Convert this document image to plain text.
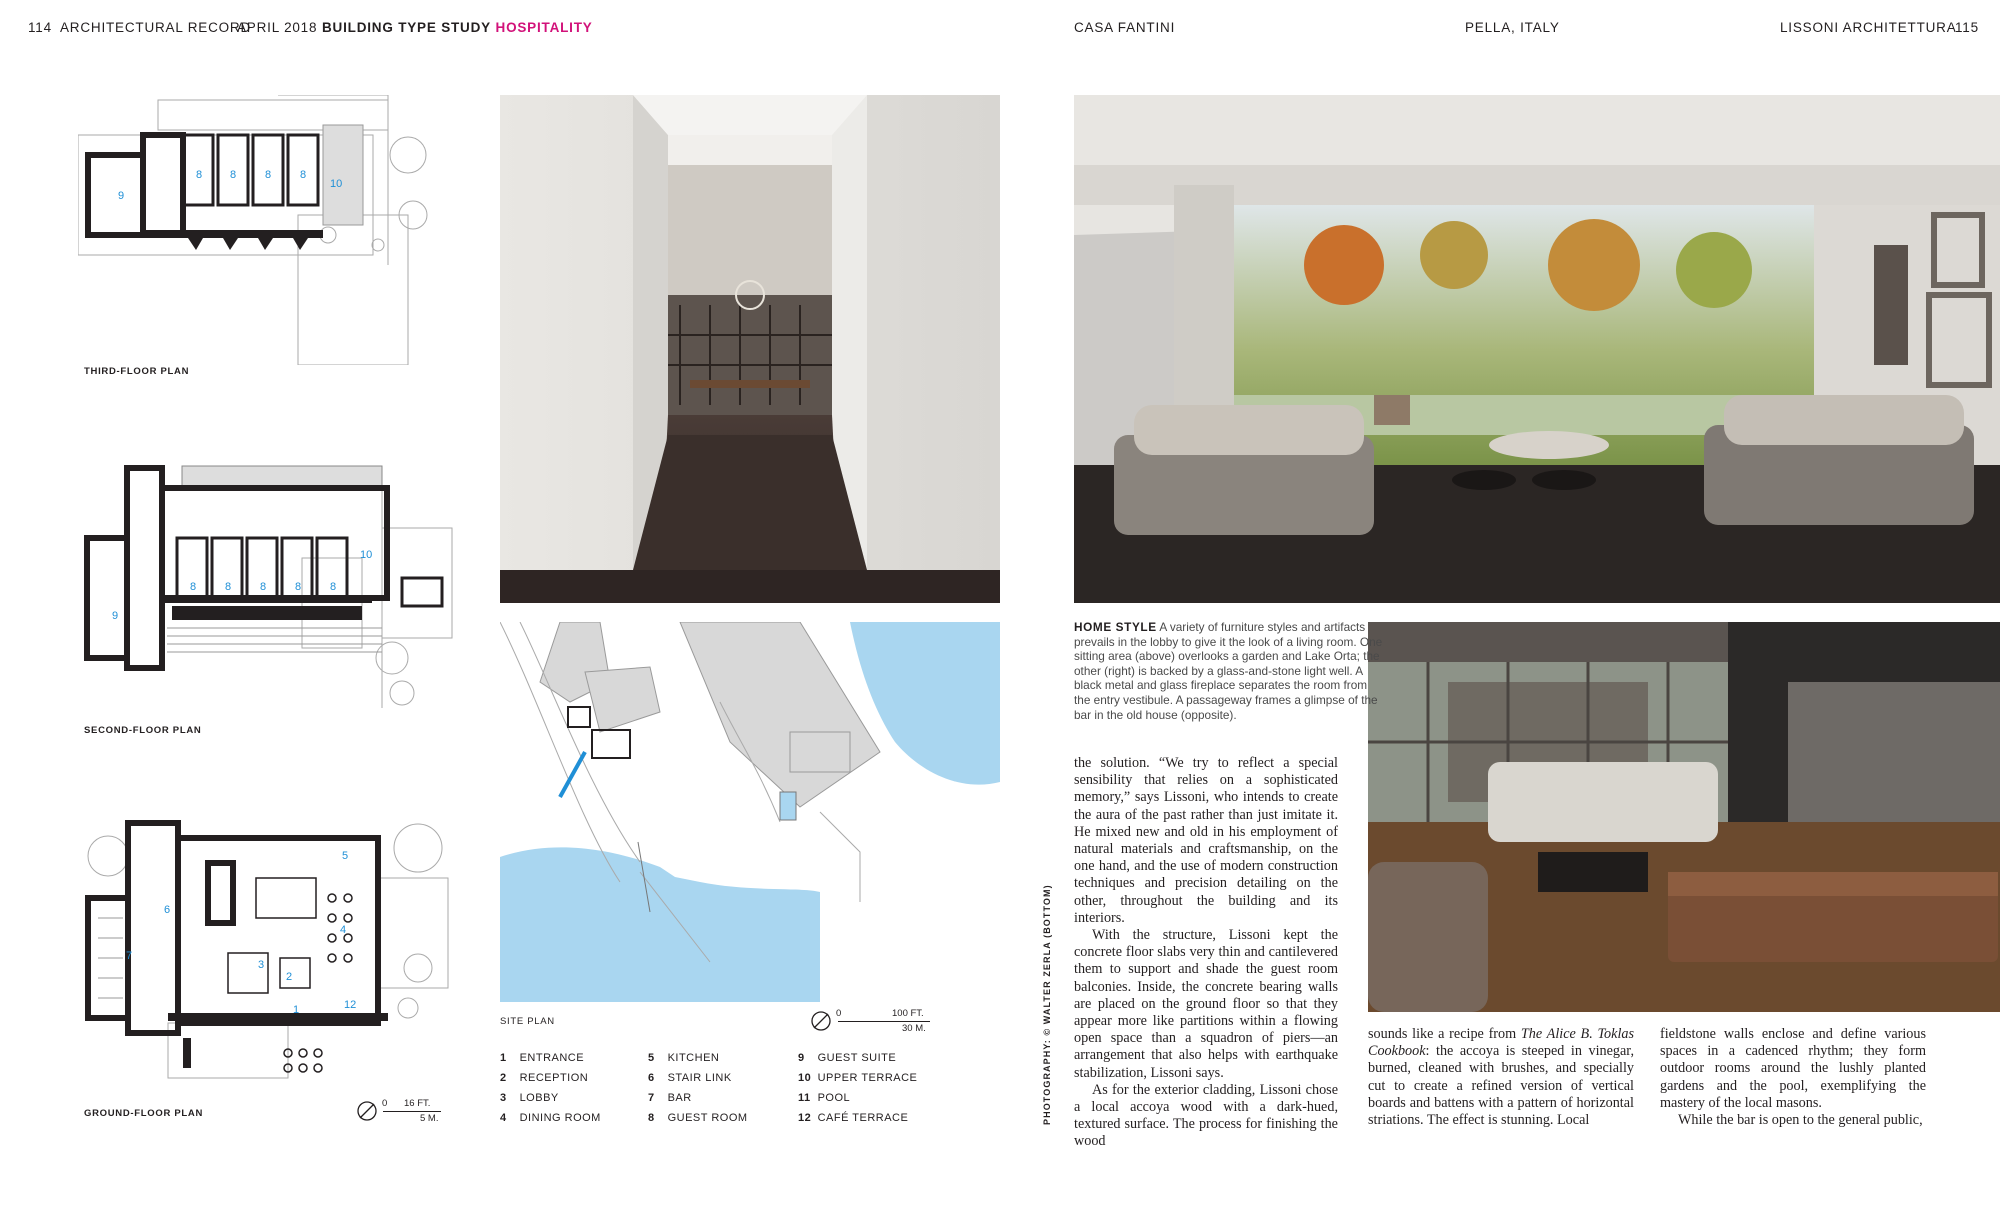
114 ARCHITECTURAL RECORD
APRIL 2018 BUILDING TYPE STUDY HOSPITALITY	CASA FANTINI	PELLA, ITALY	LISSONI ARCHITETTURA
115
8	8	8	8
9
10
THIRD-FLOOR PLAN
8	8	8	8	8
9
10
SECOND-FLOOR PLAN
1
2
3
4
5
6
7
12
GROUND-FLOOR PLAN
0 16 FT.
5 M.
SITE PLAN
0	100 FT.
30 M.
1 ENTRANCE
2 RECEPTION
3 LOBBY
4 DINING ROOM
5 KITCHEN
6 STAIR LINK
7 BAR
8 GUEST ROOM
9 GUEST SUITE
10 UPPER TERRACE
11 POOL
12 CAFÉ TERRACE	PHOTOGRAPHY: © WALTER ZERLA (BOTTOM)
HOME STYLE A variety of furniture styles and artifacts prevails in the lobby to give it the look of a living room. One sitting area (above) overlooks a garden and Lake Orta; the other (right) is backed by a glass-and-stone light well. A black metal and glass fireplace separates the room from the entry vestibule. A passageway frames a glimpse of the bar in the old house (opposite).

the solution. “We try to reflect a special sensibility that relies on a sophisticated memory,” says Lissoni, who intends to create the aura of the past rather than just imitate it. He mixed new and old in his employment of natural materials and craftsmanship, on the one hand, and the use of modern construction techniques and precision detailing on the other, throughout the building and its interiors.

With the structure, Lissoni kept the concrete floor slabs very thin and cantilevered them to support and shade the guest room balconies. Inside, the concrete bearing walls are placed on the ground floor so that they appear more like partitions within a flowing open space than a squadron of piers—an arrangement that also helps with earthquake stabilization, Lissoni says.

As for the exterior cladding, Lissoni chose a local accoya wood with a dark-hued, textured surface. The process for finishing the wood

sounds like a recipe from The Alice B. Toklas Cookbook: the accoya is steeped in vinegar, burned, cleaned with brushes, and specially cut to create a refined version of vertical boards and battens with a pattern of horizontal striations. The effect is stunning. Local

fieldstone walls enclose and define various spaces in a cadenced rhythm; they form outdoor rooms around the lushly planted gardens and the pool, exemplifying the mastery of the local masons.

While the bar is open to the general public,
